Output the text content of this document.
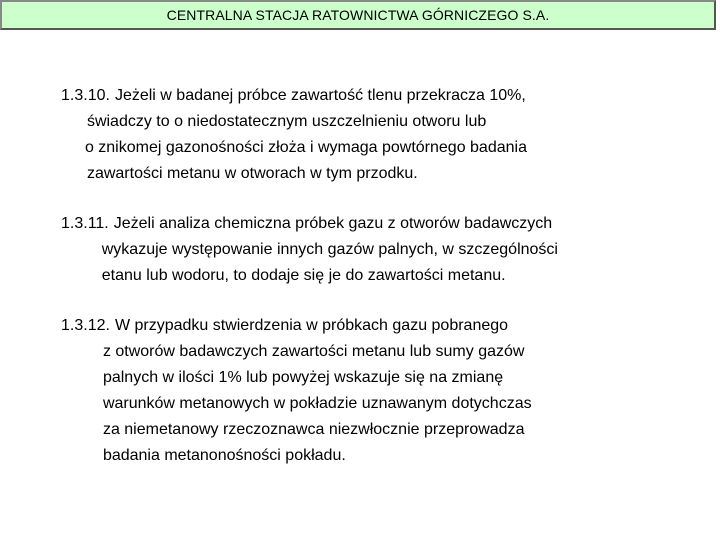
CENTRALNA STACJA RATOWNICTWA GÓRNICZEGO S.A.
1.3.10. Jeżeli w badanej próbce zawartość tlenu przekracza 10%,
świadczy to o niedostatecznym uszczelnieniu otworu lub
o znikomej gazonośności złoża i wymaga powtórnego badania
zawartości metanu w otworach w tym przodku.
1.3.11. Jeżeli analiza chemiczna próbek gazu z otworów badawczych
wykazuje występowanie innych gazów palnych, w szczególności
etanu lub wodoru, to dodaje się je do zawartości metanu.
1.3.12. W przypadku stwierdzenia w próbkach gazu pobranego
z otworów badawczych zawartości metanu lub sumy gazów
palnych w ilości 1% lub powyżej wskazuje się na zmianę
warunków metanowych w pokładzie uznawanym dotychczas
za niemetanowy rzeczoznawca niezwłocznie przeprowadza
badania metanonośności pokładu.
